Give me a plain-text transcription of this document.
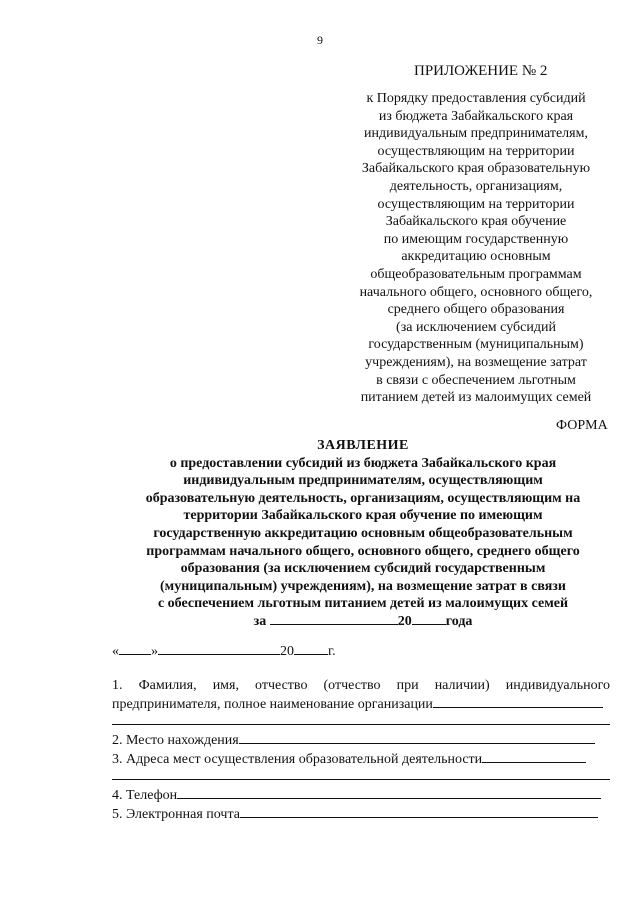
9
ПРИЛОЖЕНИЕ № 2
к Порядку предоставления субсидий
из бюджета Забайкальского края
индивидуальным предпринимателям,
осуществляющим на территории
Забайкальского края образовательную
деятельность, организациям,
осуществляющим на территории
Забайкальского края обучение
по имеющим государственную
аккредитацию основным
общеобразовательным программам
начального общего, основного общего,
среднего общего образования
(за исключением субсидий
государственным (муниципальным)
учреждениям), на возмещение затрат
в связи с обеспечением льготным
питанием детей из малоимущих семей
ФОРМА
ЗАЯВЛЕНИЕ
о предоставлении субсидий из бюджета Забайкальского края
индивидуальным предпринимателям, осуществляющим
образовательную деятельность, организациям, осуществляющим на
территории Забайкальского края обучение по имеющим
государственную аккредитацию основным общеобразовательным
программам начального общего, основного общего, среднего общего
образования (за исключением субсидий государственным
(муниципальным) учреждениям), на возмещение затрат в связи
с обеспечением льготным питанием детей из малоимущих семей
за	20 года
« »	20 г.
1. Фамилия, имя, отчество (отчество при наличии) индивидуального
предпринимателя, полное наименование организации
2. Место нахождения
3. Адреса мест осуществления образовательной деятельности
4. Телефон
5. Электронная почта
